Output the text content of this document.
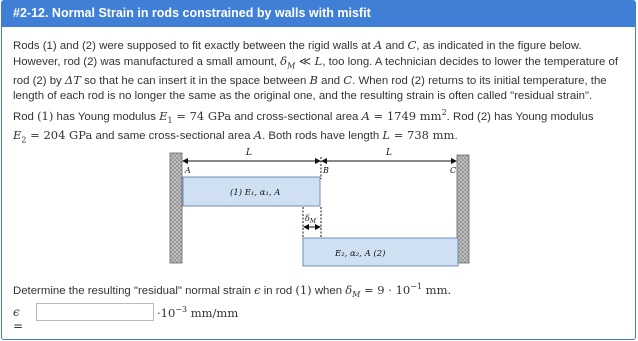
#2-12. Normal Strain in rods constrained by walls with misfit
Rods (1) and (2) were supposed to fit exactly between the rigid walls at A and C, as indicated in the figure below. However, rod (2) was manufactured a small amount, $\delta_M$ ≪ L, too long. A technician decides to lower the temperature of rod (2) by ΔT so that he can insert it in the space between B and C. When rod (2) returns to its initial temperature, the length of each rod is no longer the same as the original one, and the resulting strain is often called "residual strain".
Rod (1) has Young modulus $E_1 = 74$ GPa and cross-sectional area A = 1749 $mm^2$. Rod (2) has Young modulus
$E_2 = 204$ GPa and same cross-sectional area A. Both rods have length L = 738 mm.
L	L
A	B	C
(1) E₁, α₁, A
$\delta_M$
E₂, α₂, A (2)
Determine the resulting "residual" normal strain ϵ in rod (1) when $\delta_M = 9 \cdot 10^{-1}$ mm.
ϵ =
$\cdot 10^{-3}$ mm/mm
